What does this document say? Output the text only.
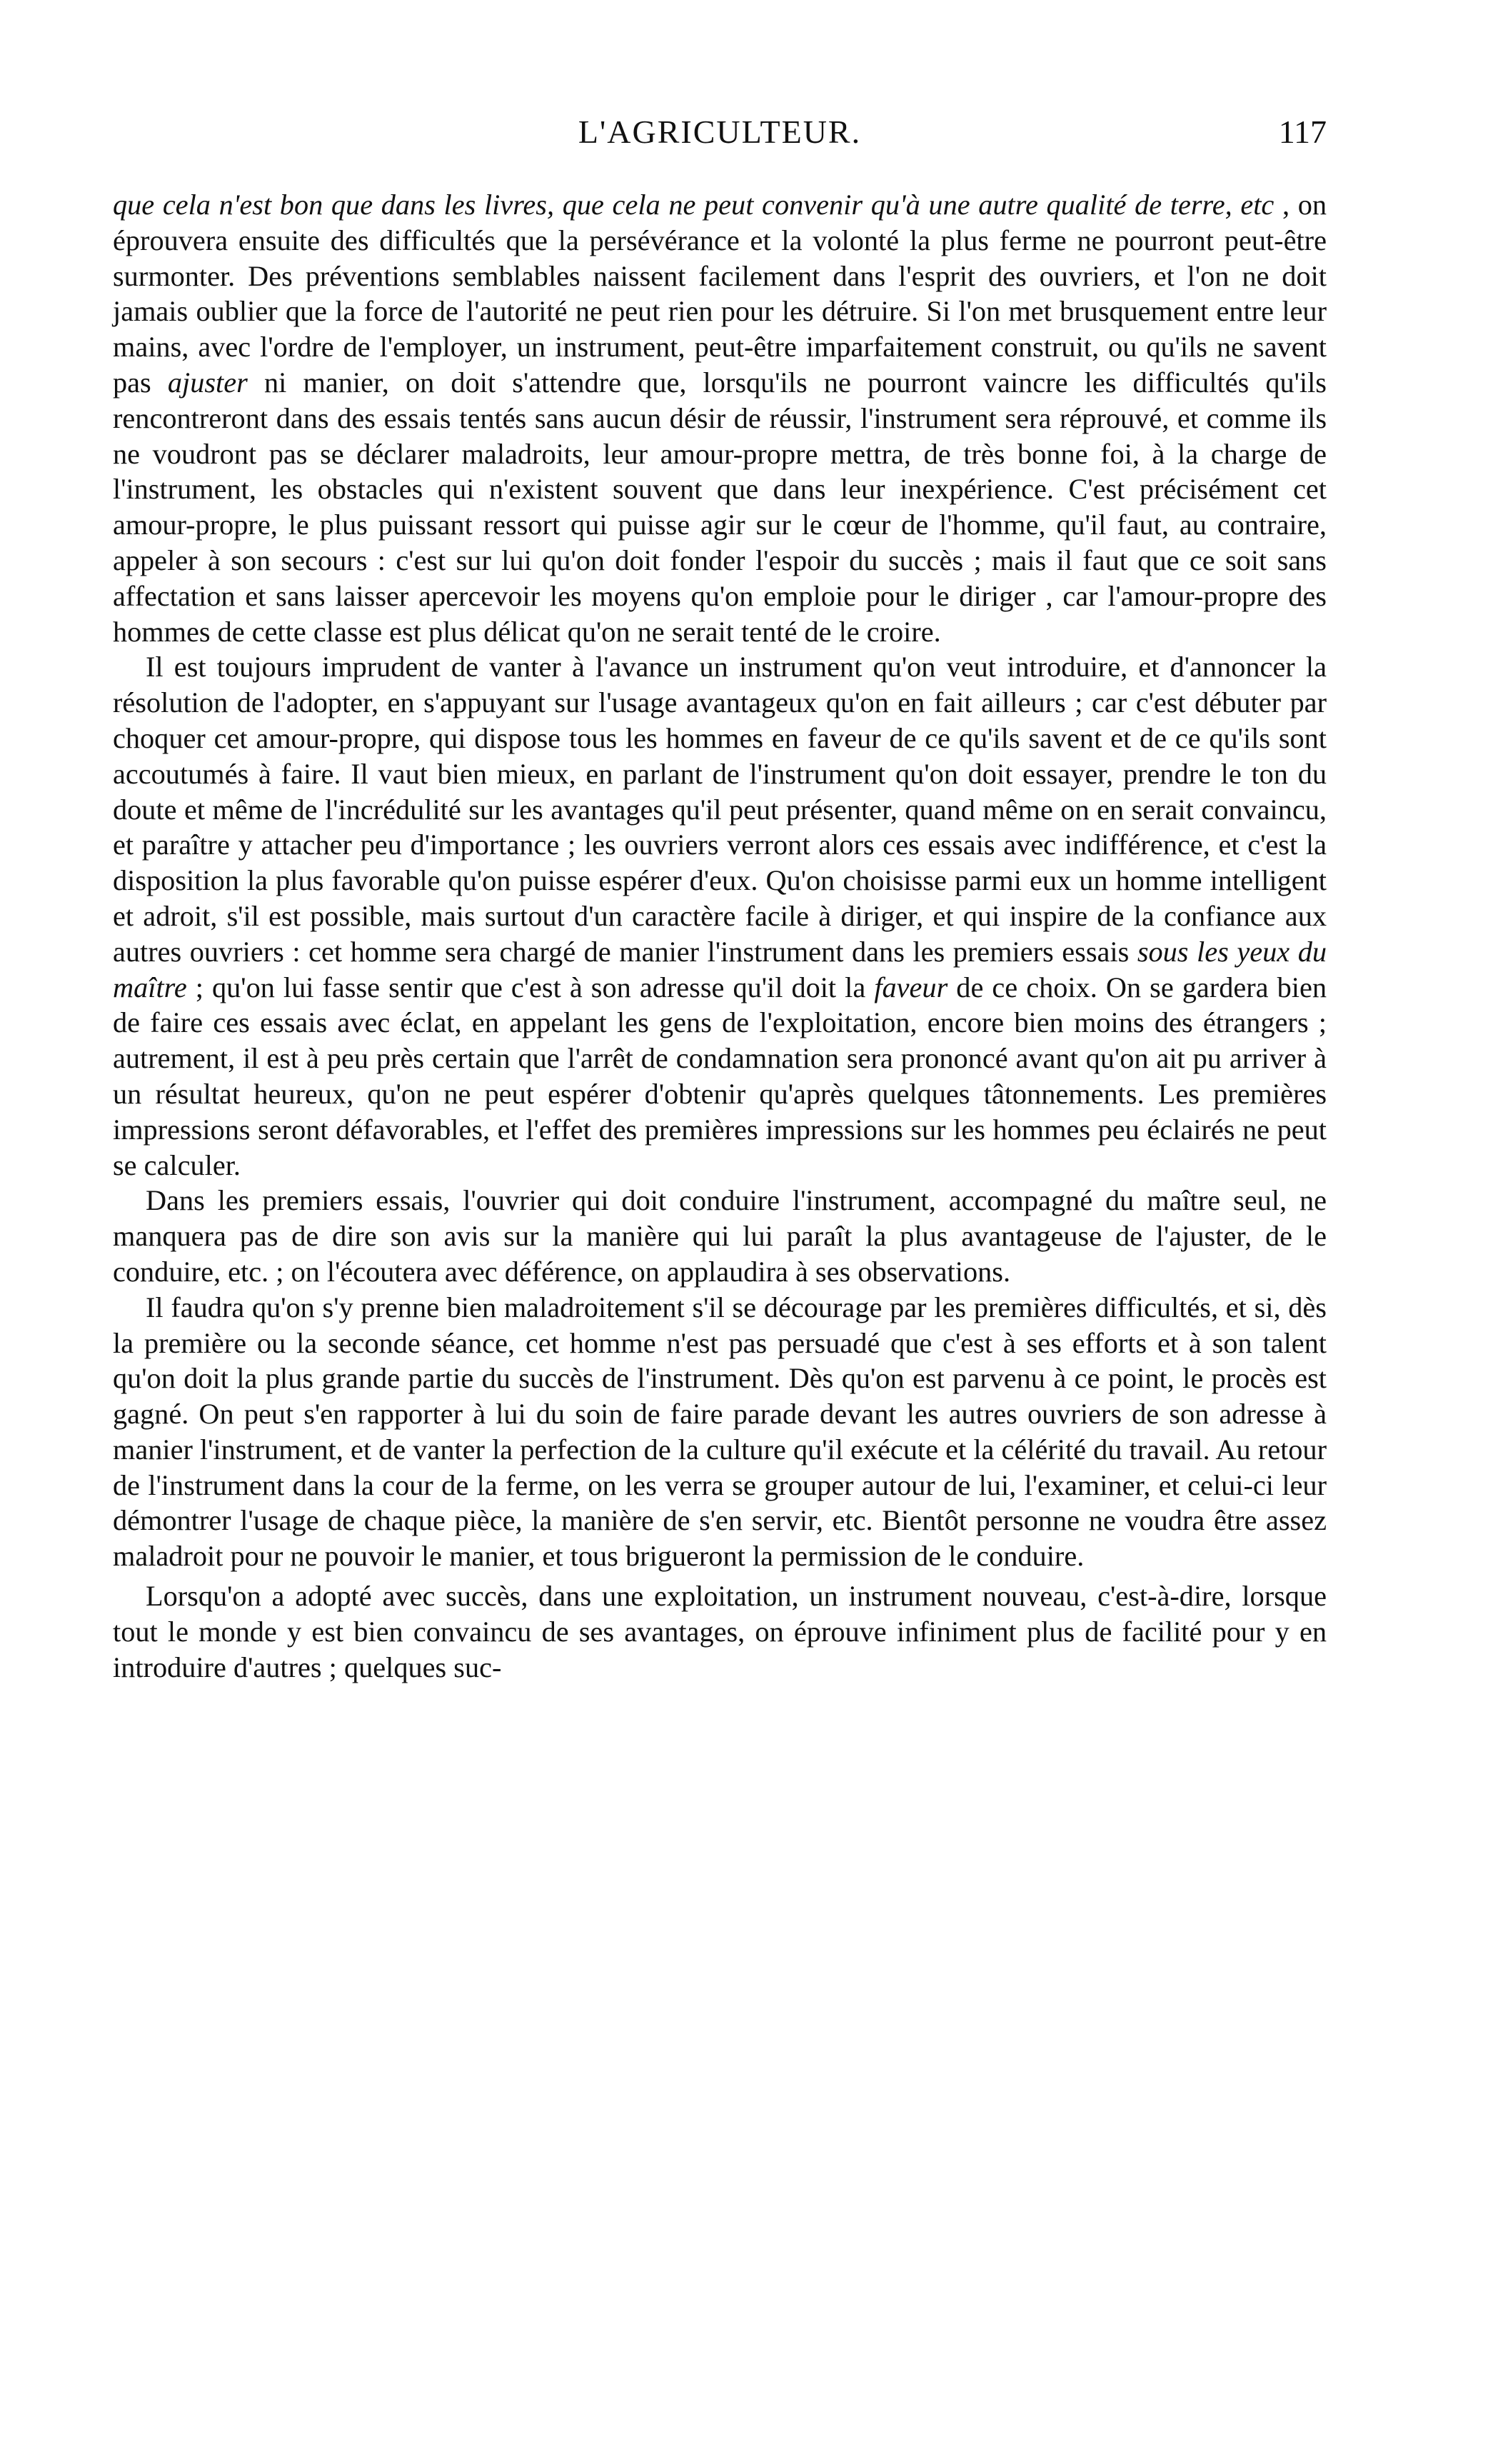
L'AGRICULTEUR.	117

que cela n'est bon que dans les livres, que cela ne peut convenir qu'à une autre qualité de terre, etc , on éprouvera ensuite des difficultés que la persévérance et la volonté la plus ferme ne pourront peut-être surmonter. Des préventions semblables naissent facilement dans l'esprit des ouvriers, et l'on ne doit jamais oublier que la force de l'autorité ne peut rien pour les détruire. Si l'on met brusquement entre leur mains, avec l'ordre de l'employer, un instrument, peut-être imparfaitement construit, ou qu'ils ne savent pas ajuster ni manier, on doit s'attendre que, lorsqu'ils ne pourront vaincre les difficultés qu'ils rencontreront dans des essais tentés sans aucun désir de réussir, l'instrument sera réprouvé, et comme ils ne voudront pas se déclarer maladroits, leur amour-propre mettra, de très bonne foi, à la charge de l'instrument, les obstacles qui n'existent souvent que dans leur inexpérience. C'est précisément cet amour-propre, le plus puissant ressort qui puisse agir sur le cœur de l'homme, qu'il faut, au contraire, appeler à son secours : c'est sur lui qu'on doit fonder l'espoir du succès ; mais il faut que ce soit sans affectation et sans laisser apercevoir les moyens qu'on emploie pour le diriger , car l'amour-propre des hommes de cette classe est plus délicat qu'on ne serait tenté de le croire.

Il est toujours imprudent de vanter à l'avance un instrument qu'on veut introduire, et d'annoncer la résolution de l'adopter, en s'appuyant sur l'usage avantageux qu'on en fait ailleurs ; car c'est débuter par choquer cet amour-propre, qui dispose tous les hommes en faveur de ce qu'ils savent et de ce qu'ils sont accoutumés à faire. Il vaut bien mieux, en parlant de l'instrument qu'on doit essayer, prendre le ton du doute et même de l'incrédulité sur les avantages qu'il peut présenter, quand même on en serait convaincu, et paraître y attacher peu d'importance ; les ouvriers verront alors ces essais avec indifférence, et c'est la disposition la plus favorable qu'on puisse espérer d'eux. Qu'on choisisse parmi eux un homme intelligent et adroit, s'il est possible, mais surtout d'un caractère facile à diriger, et qui inspire de la confiance aux autres ouvriers : cet homme sera chargé de manier l'instrument dans les premiers essais sous les yeux du maître ; qu'on lui fasse sentir que c'est à son adresse qu'il doit la faveur de ce choix. On se gardera bien de faire ces essais avec éclat, en appelant les gens de l'exploitation, encore bien moins des étrangers ; autrement, il est à peu près certain que l'arrêt de condamnation sera prononcé avant qu'on ait pu arriver à un résultat heureux, qu'on ne peut espérer d'obtenir qu'après quelques tâtonnements. Les premières impressions seront défavorables, et l'effet des premières impressions sur les hommes peu éclairés ne peut se calculer.

Dans les premiers essais, l'ouvrier qui doit conduire l'instrument, accompagné du maître seul, ne manquera pas de dire son avis sur la manière qui lui paraît la plus avantageuse de l'ajuster, de le conduire, etc. ; on l'écoutera avec déférence, on applaudira à ses observations.

Il faudra qu'on s'y prenne bien maladroitement s'il se décourage par les premières difficultés, et si, dès la première ou la seconde séance, cet homme n'est pas persuadé que c'est à ses efforts et à son talent qu'on doit la plus grande partie du succès de l'instrument. Dès qu'on est parvenu à ce point, le procès est gagné. On peut s'en rapporter à lui du soin de faire parade devant les autres ouvriers de son adresse à manier l'instrument, et de vanter la perfection de la culture qu'il exécute et la célérité du travail. Au retour de l'instrument dans la cour de la ferme, on les verra se grouper autour de lui, l'examiner, et celui-ci leur démontrer l'usage de chaque pièce, la manière de s'en servir, etc. Bientôt personne ne voudra être assez maladroit pour ne pouvoir le manier, et tous brigueront la permission de le conduire.

Lorsqu'on a adopté avec succès, dans une exploitation, un instrument nouveau, c'est-à-dire, lorsque tout le monde y est bien convaincu de ses avantages, on éprouve infiniment plus de facilité pour y en introduire d'autres ; quelques suc-
